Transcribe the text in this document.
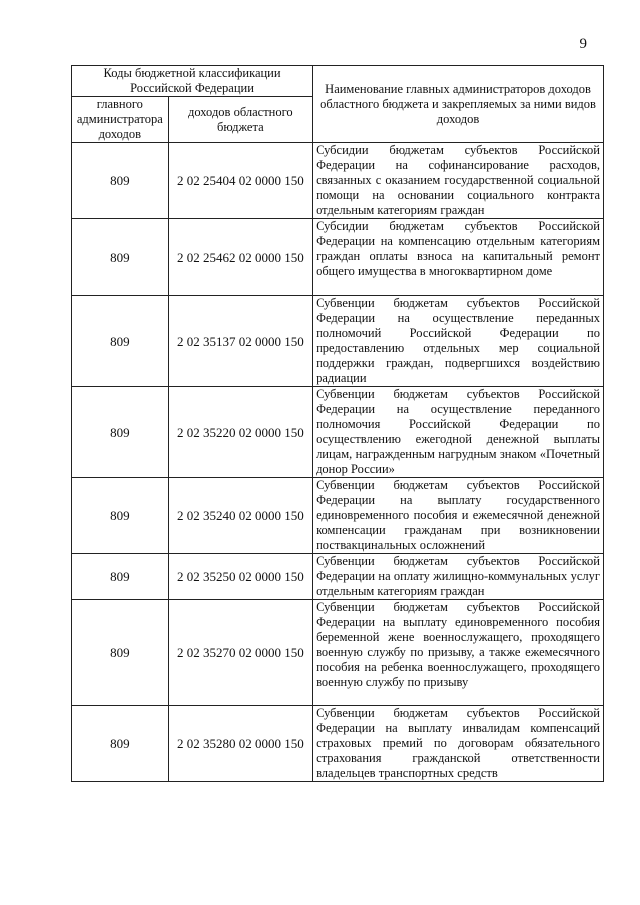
9
Коды бюджетной классификации Российской Федерации		Наименование главных администраторов доходов областного бюджета и закрепляемых за ними видов доходов
главного администратора доходов	доходов областного бюджета	
809	2 02 25404 02 0000 150	Субсидии бюджетам субъектов Российской Федерации на софинансирование расходов, связанных с оказанием государственной социальной помощи на основании социального контракта отдельным категориям граждан
809	2 02 25462 02 0000 150	Субсидии бюджетам субъектов Российской Федерации на компенсацию отдельным категориям граждан оплаты взноса на капитальный ремонт общего имущества в многоквартирном доме
809	2 02 35137 02 0000 150	Субвенции бюджетам субъектов Российской Федерации на осуществление переданных полномочий Российской Федерации по предоставлению отдельных мер социальной поддержки граждан, подвергшихся воздействию радиации
809	2 02 35220 02 0000 150	Субвенции бюджетам субъектов Российской Федерации на осуществление переданного полномочия Российской Федерации по осуществлению ежегодной денежной выплаты лицам, награжденным нагрудным знаком «Почетный донор России»
809	2 02 35240 02 0000 150	Субвенции бюджетам субъектов Российской Федерации на выплату государственного единовременного пособия и ежемесячной денежной компенсации гражданам при возникновении поствакцинальных осложнений
809	2 02 35250 02 0000 150	Субвенции бюджетам субъектов Российской Федерации на оплату жилищно-коммунальных услуг отдельным категориям граждан
809	2 02 35270 02 0000 150	Субвенции бюджетам субъектов Российской Федерации на выплату единовременного пособия беременной жене военнослужащего, проходящего военную службу по призыву, а также ежемесячного пособия на ребенка военнослужащего, проходящего военную службу по призыву
809	2 02 35280 02 0000 150	Субвенции бюджетам субъектов Российской Федерации на выплату инвалидам компенсаций страховых премий по договорам обязательного страхования гражданской ответственности владельцев транспортных средств
